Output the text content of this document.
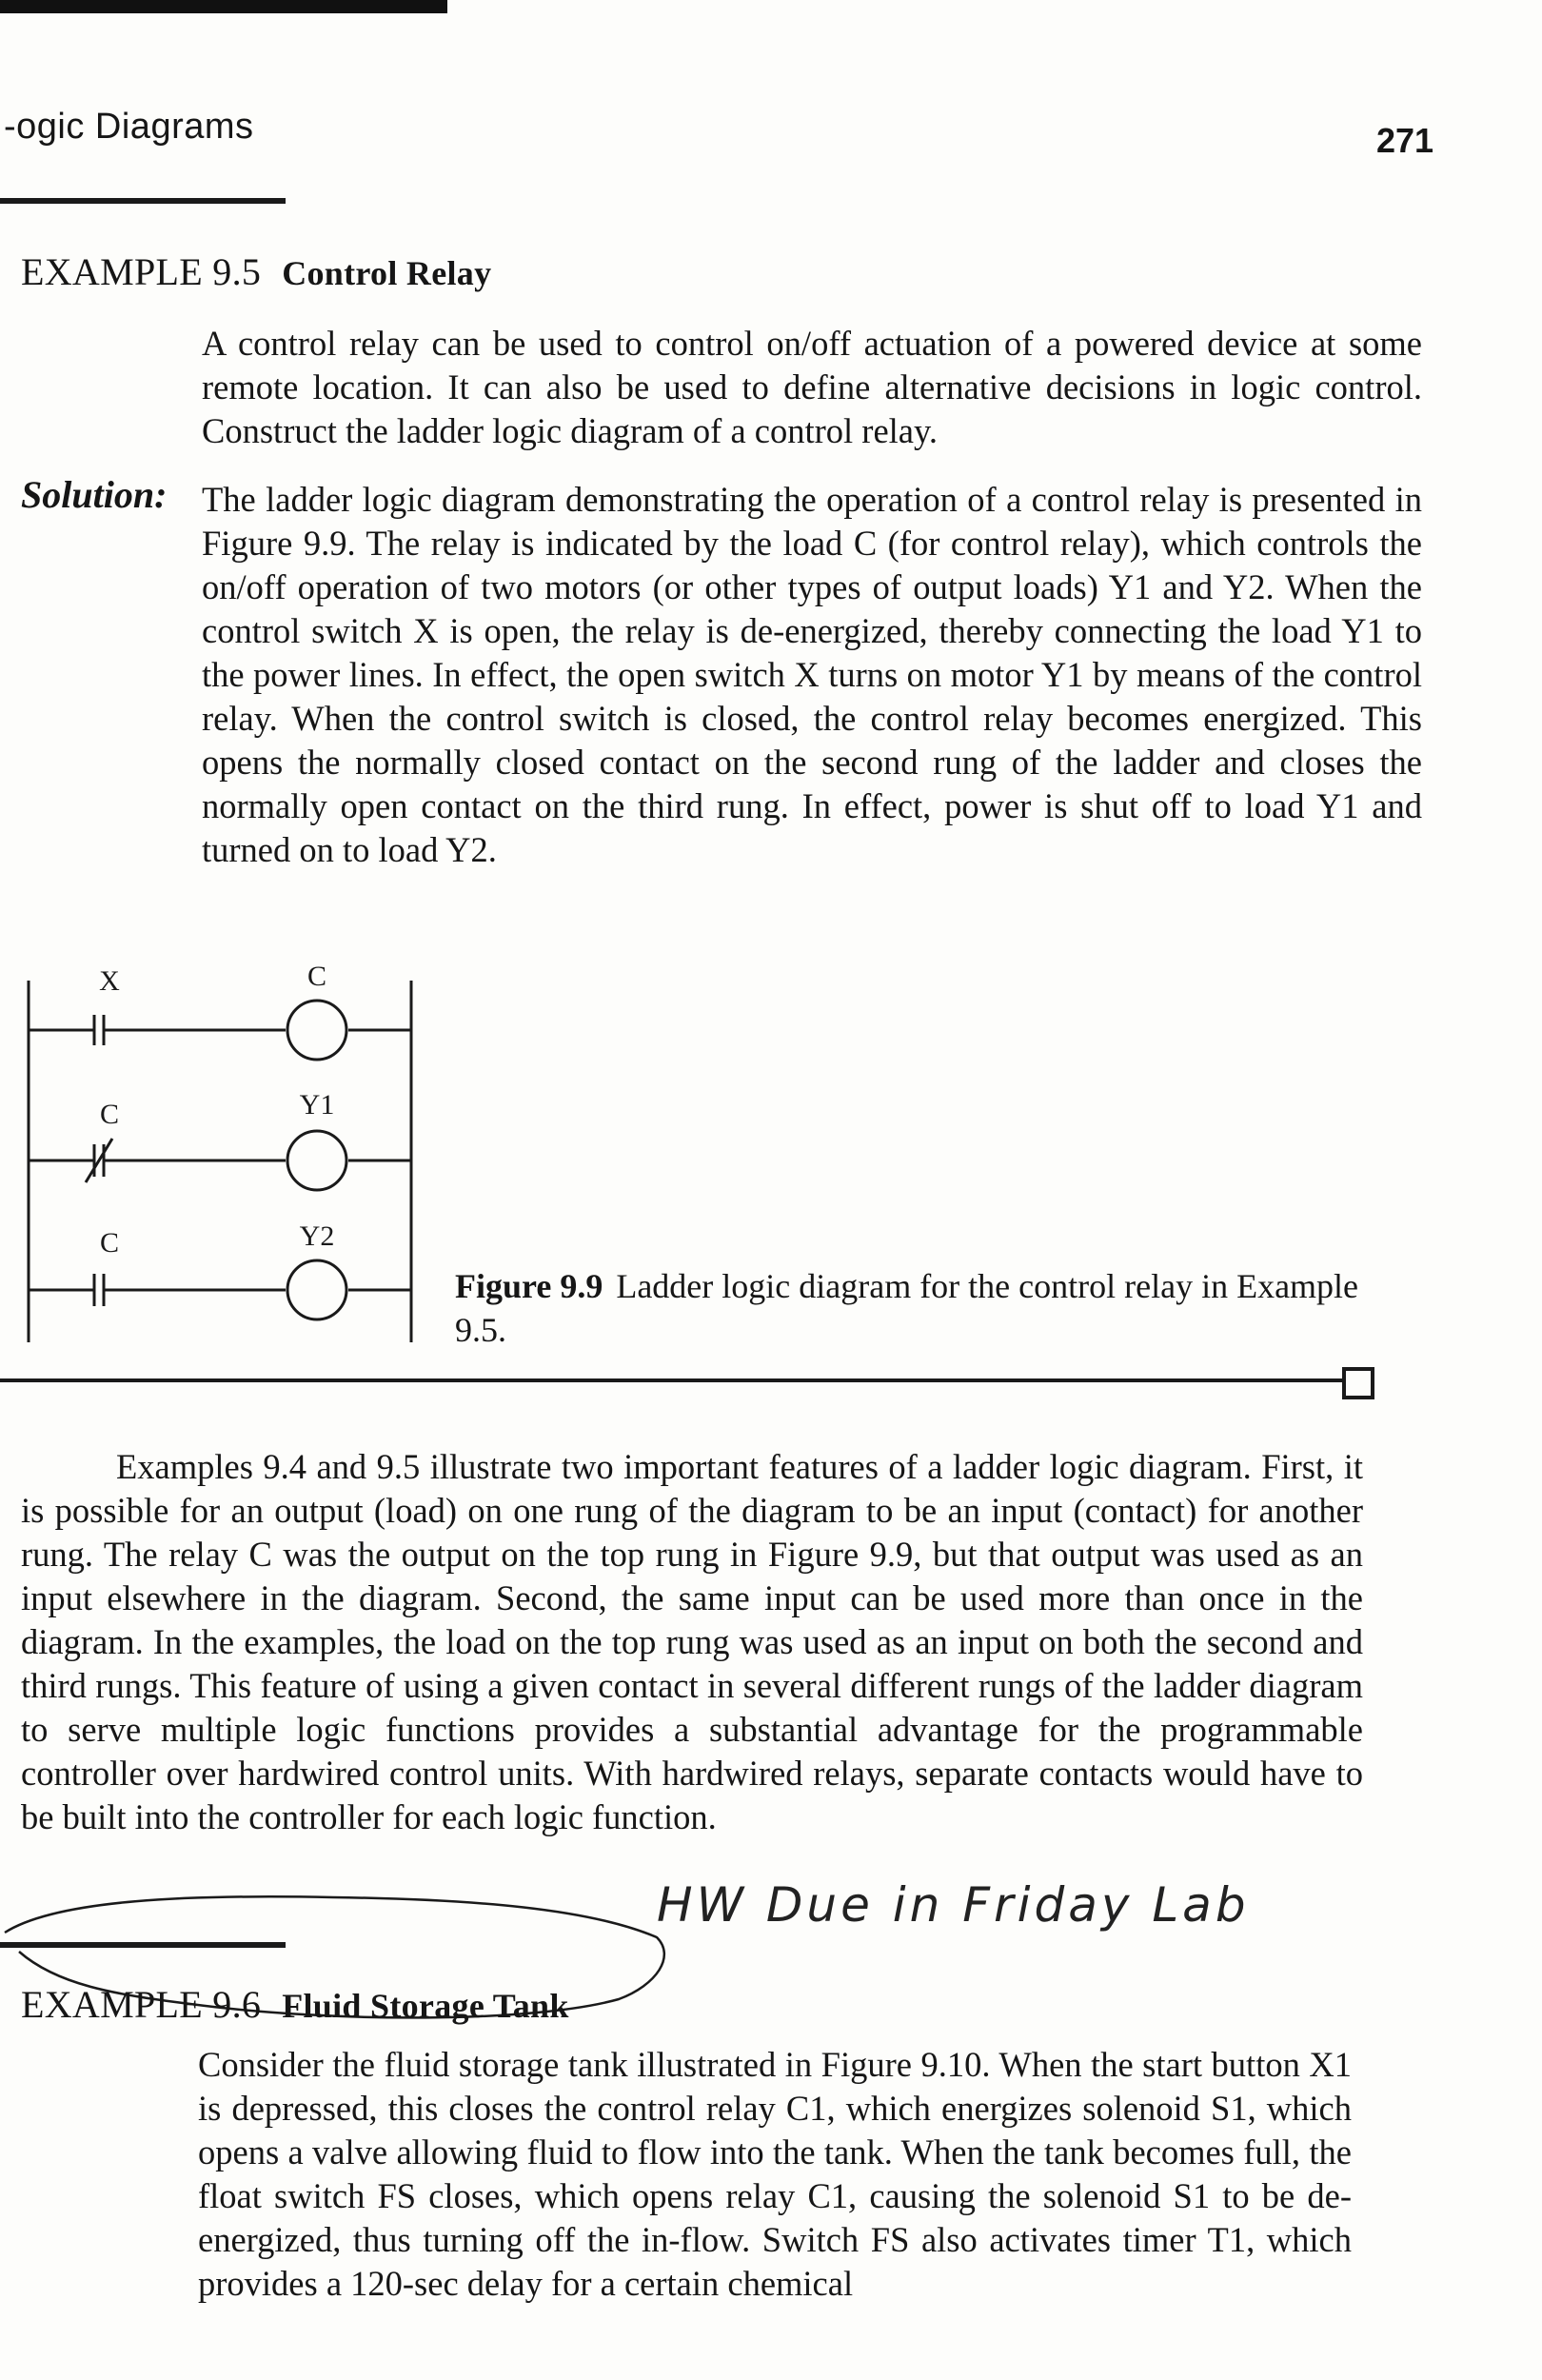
-ogic Diagrams	271
EXAMPLE 9.5 Control Relay

A control relay can be used to control on/off actuation of a powered device at some remote location. It can also be used to define alternative decisions in logic control. Construct the ladder logic diagram of a control relay.

Solution: The ladder logic diagram demonstrating the operation of a control relay is presented in Figure 9.9. The relay is indicated by the load C (for control relay), which controls the on/off operation of two motors (or other types of output loads) Y1 and Y2. When the control switch X is open, the relay is de-energized, thereby connecting the load Y1 to the power lines. In effect, the open switch X turns on motor Y1 by means of the control relay. When the control switch is closed, the control relay becomes energized. This opens the normally closed contact on the second rung of the ladder and closes the normally open contact on the third rung. In effect, power is shut off to load Y1 and turned on to load Y2.

X	C
C	Y1
C	Y2
Figure 9.9 Ladder logic diagram for the control relay in Example 9.5.

Examples 9.4 and 9.5 illustrate two important features of a ladder logic diagram. First, it is possible for an output (load) on one rung of the diagram to be an input (contact) for another rung. The relay C was the output on the top rung in Figure 9.9, but that output was used as an input elsewhere in the diagram. Second, the same input can be used more than once in the diagram. In the examples, the load on the top rung was used as an input on both the second and third rungs. This feature of using a given contact in several different rungs of the ladder diagram to serve multiple logic functions provides a substantial advantage for the programmable controller over hardwired control units. With hardwired relays, separate contacts would have to be built into the controller for each logic function.

HW Due in Friday Lab
EXAMPLE 9.6 Fluid Storage Tank

Consider the fluid storage tank illustrated in Figure 9.10. When the start button X1 is depressed, this closes the control relay C1, which energizes solenoid S1, which opens a valve allowing fluid to flow into the tank. When the tank becomes full, the float switch FS closes, which opens relay C1, causing the solenoid S1 to be de-energized, thus turning off the in-flow. Switch FS also activates timer T1, which provides a 120-sec delay for a certain chemical
